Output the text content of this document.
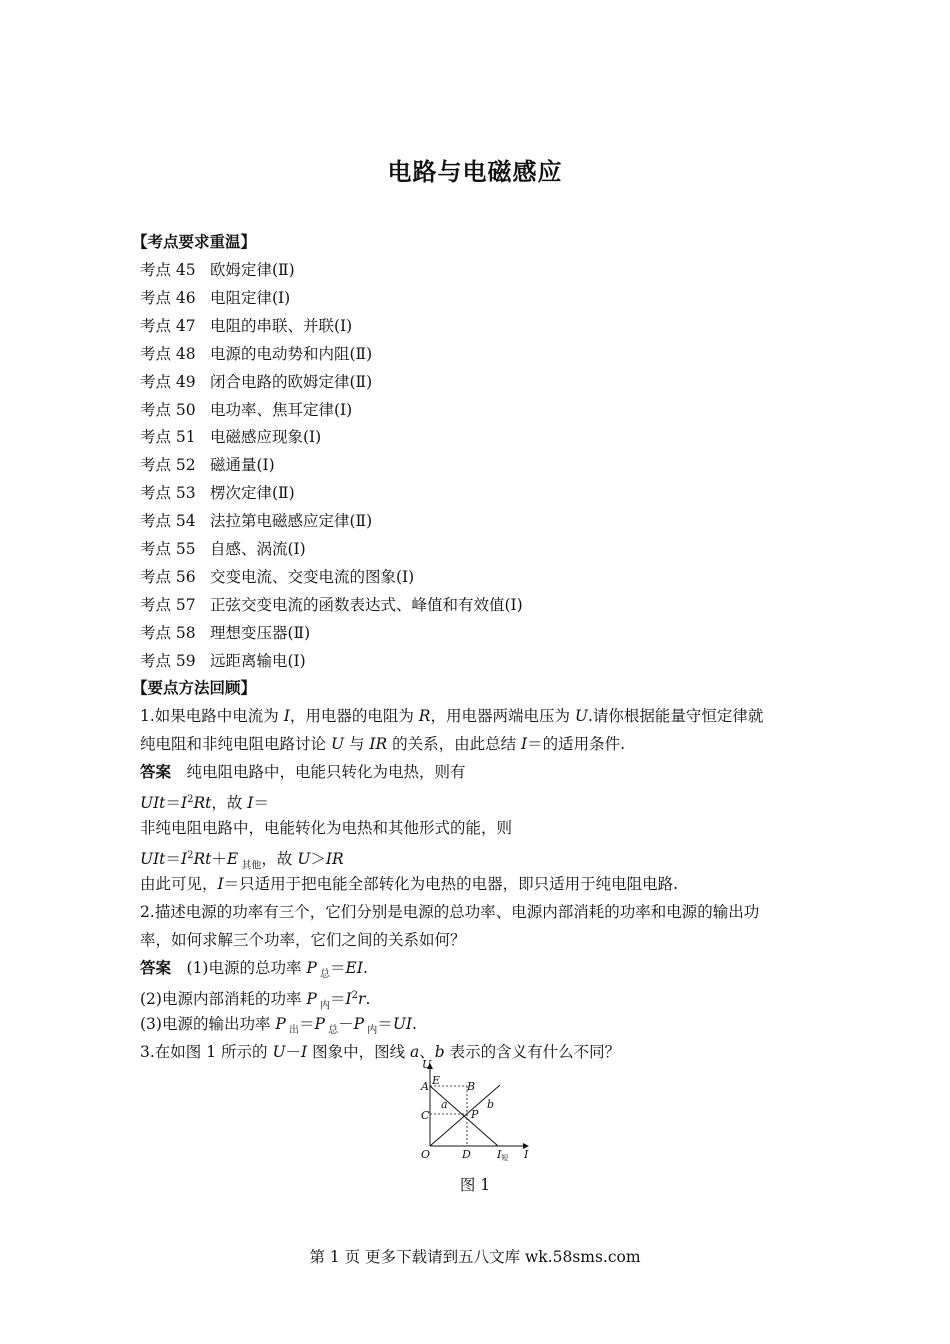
电路与电磁感应
【考点要求重温】
考点 45 欧姆定律(Ⅱ)
考点 46 电阻定律(Ⅰ)
考点 47 电阻的串联、并联(Ⅰ)
考点 48 电源的电动势和内阻(Ⅱ)
考点 49 闭合电路的欧姆定律(Ⅱ)
考点 50 电功率、焦耳定律(Ⅰ)
考点 51 电磁感应现象(Ⅰ)
考点 52 磁通量(Ⅰ)
考点 53 楞次定律(Ⅱ)
考点 54 法拉第电磁感应定律(Ⅱ)
考点 55 自感、涡流(Ⅰ)
考点 56 交变电流、交变电流的图象(Ⅰ)
考点 57 正弦交变电流的函数表达式、峰值和有效值(Ⅰ)
考点 58 理想变压器(Ⅱ)
考点 59 远距离输电(Ⅰ)
【要点方法回顾】
1.如果电路中电流为 I，用电器的电阻为 R，用电器两端电压为 U.请你根据能量守恒定律就
纯电阻和非纯电阻电路讨论 U 与 IR 的关系，由此总结 I＝的适用条件.
答案　纯电阻电路中，电能只转化为电热，则有
$UIt=I^2Rt$，故 I＝
非纯电阻电路中，电能转化为电热和其他形式的能，则
$UIt=I^2Rt+E$ $_{其他}$，故 U＞IR
由此可见，I＝只适用于把电能全部转化为电热的电器，即只适用于纯电阻电路.
2.描述电源的功率有三个，它们分别是电源的总功率、电源内部消耗的功率和电源的输出功
率，如何求解三个功率，它们之间的关系如何？
答案　(1)电源的总功率 P $_总$＝EI.
(2)电源内部消耗的功率 P $_内=I^2r$.
(3)电源的输出功率 P $_出$＝P $_总$－P $_内$＝UI.
3.在如图 1 所示的 U－I 图象中，图线 a、b 表示的含义有什么不同？
U
I
O
A E B
C	P
D
a	b
I短
图 1
第 1 页 更多下载请到五八文库 wk.58sms.com
